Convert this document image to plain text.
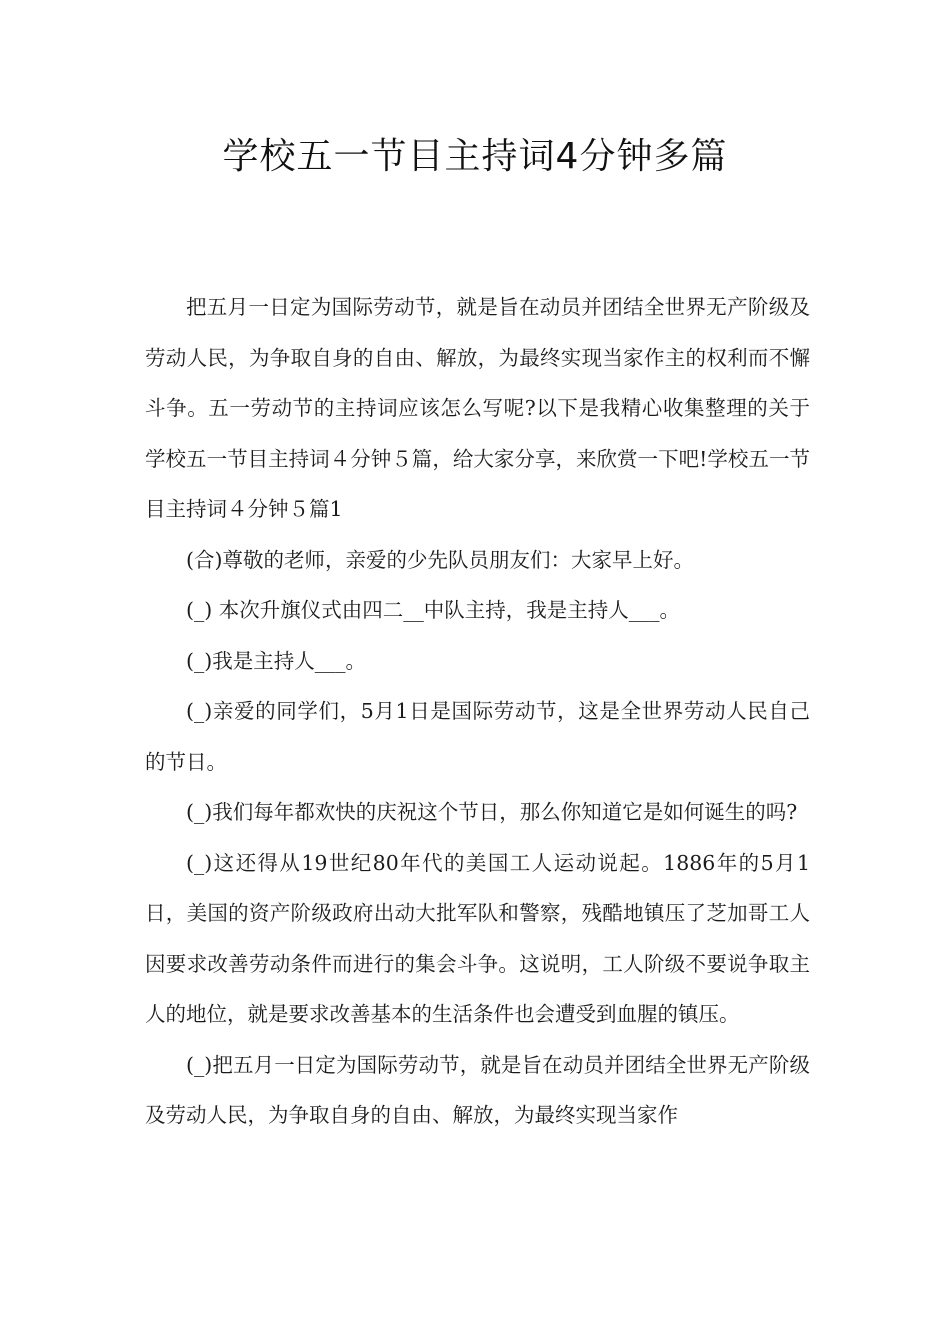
学校五一节目主持词4分钟多篇

把五月一日定为国际劳动节，就是旨在动员并团结全世界无产阶级及劳动人民，为争取自身的自由、解放，为最终实现当家作主的权利而不懈斗争。五一劳动节的主持词应该怎么写呢?以下是我精心收集整理的关于学校五一节目主持词４分钟５篇，给大家分享，来欣赏一下吧!学校五一节目主持词４分钟５篇1

(合)尊敬的老师，亲爱的少先队员朋友们：大家早上好。

(_) 本次升旗仪式由四二__中队主持，我是主持人___。

(_)我是主持人___。

(_)亲爱的同学们，5月1日是国际劳动节，这是全世界劳动人民自己的节日。

(_)我们每年都欢快的庆祝这个节日，那么你知道它是如何诞生的吗?

(_)这还得从19世纪80年代的美国工人运动说起。1886年的5月1日，美国的资产阶级政府出动大批军队和警察，残酷地镇压了芝加哥工人因要求改善劳动条件而进行的集会斗争。这说明，工人阶级不要说争取主人的地位，就是要求改善基本的生活条件也会遭受到血腥的镇压。

(_)把五月一日定为国际劳动节，就是旨在动员并团结全世界无产阶级及劳动人民，为争取自身的自由、解放，为最终实现当家作
